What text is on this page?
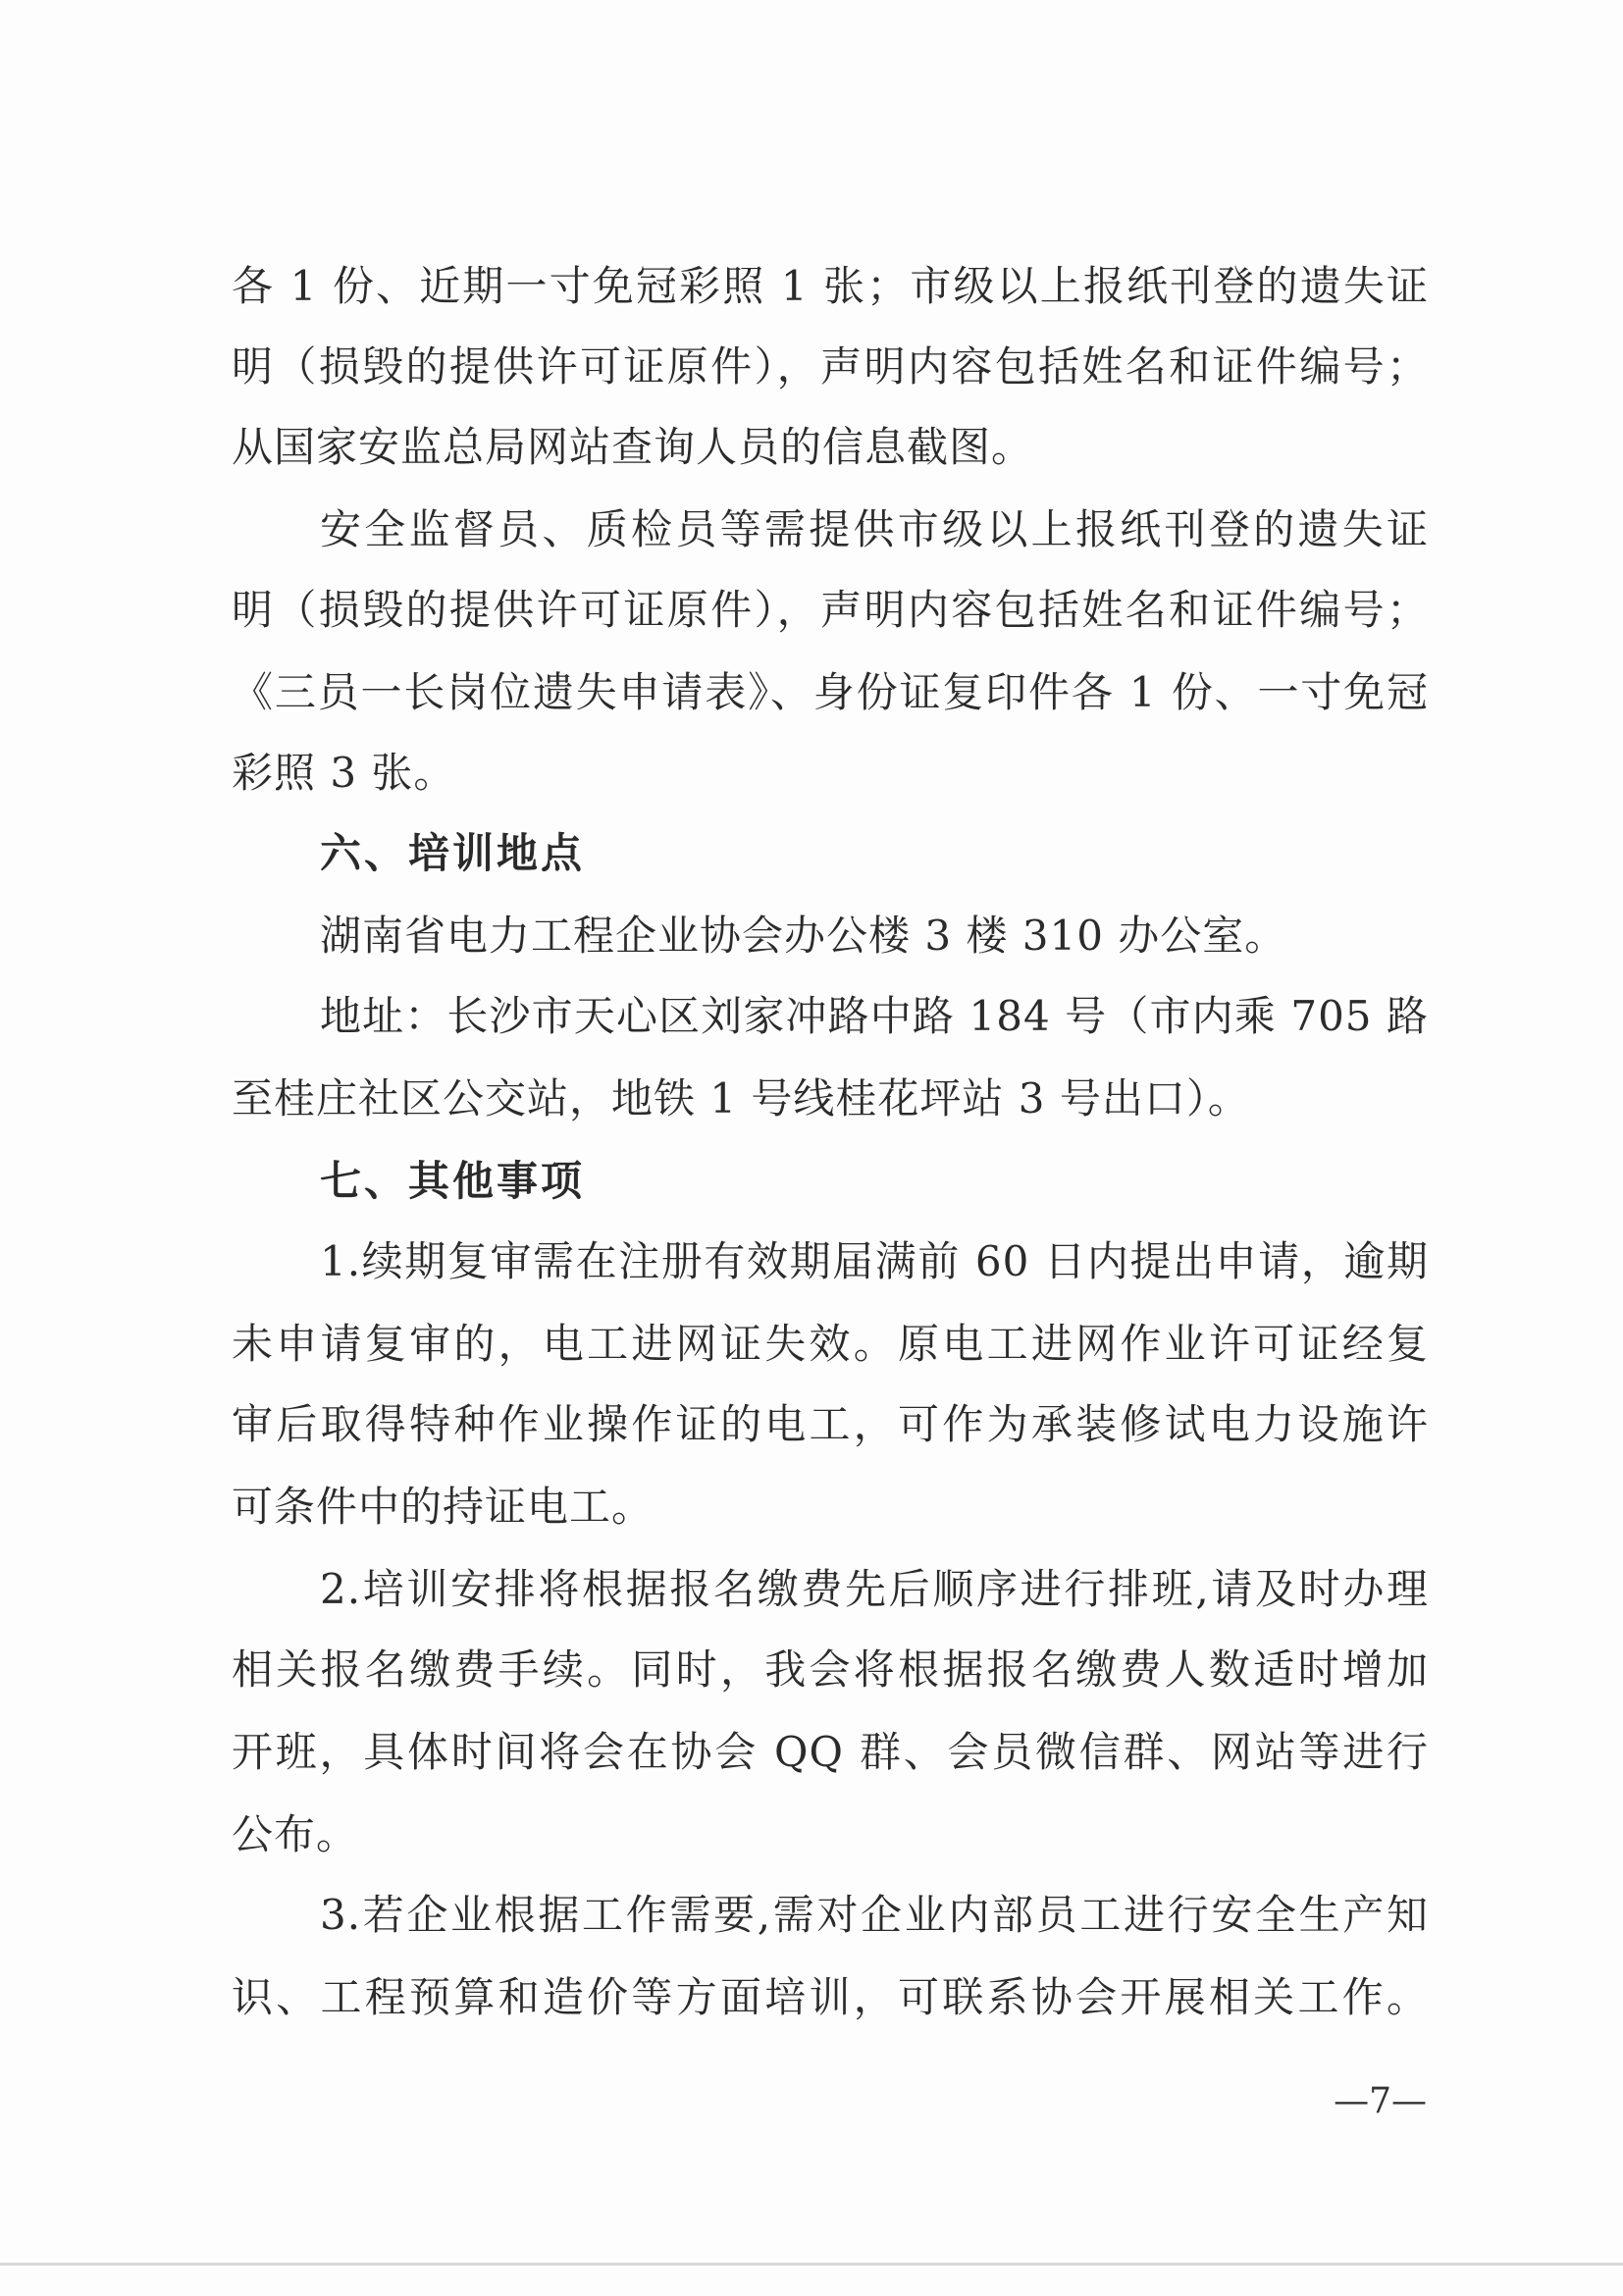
各 1 份、近期一寸免冠彩照 1 张；市级以上报纸刊登的遗失证
明（损毁的提供许可证原件），声明内容包括姓名和证件编号；
从国家安监总局网站查询人员的信息截图。
安全监督员、质检员等需提供市级以上报纸刊登的遗失证
明（损毁的提供许可证原件），声明内容包括姓名和证件编号；
《三员一长岗位遗失申请表》、身份证复印件各 1 份、一寸免冠
彩照 3 张。
六、培训地点
湖南省电力工程企业协会办公楼 3 楼 310 办公室。
地址：长沙市天心区刘家冲路中路 184 号（市内乘 705 路
至桂庄社区公交站，地铁 1 号线桂花坪站 3 号出口）。
七、其他事项
1.续期复审需在注册有效期届满前 60 日内提出申请，逾期
未申请复审的，电工进网证失效。原电工进网作业许可证经复
审后取得特种作业操作证的电工，可作为承装修试电力设施许
可条件中的持证电工。
2.培训安排将根据报名缴费先后顺序进行排班,请及时办理
相关报名缴费手续。同时，我会将根据报名缴费人数适时增加
开班，具体时间将会在协会 QQ 群、会员微信群、网站等进行
公布。
3.若企业根据工作需要,需对企业内部员工进行安全生产知
识、工程预算和造价等方面培训，可联系协会开展相关工作。
—7—
